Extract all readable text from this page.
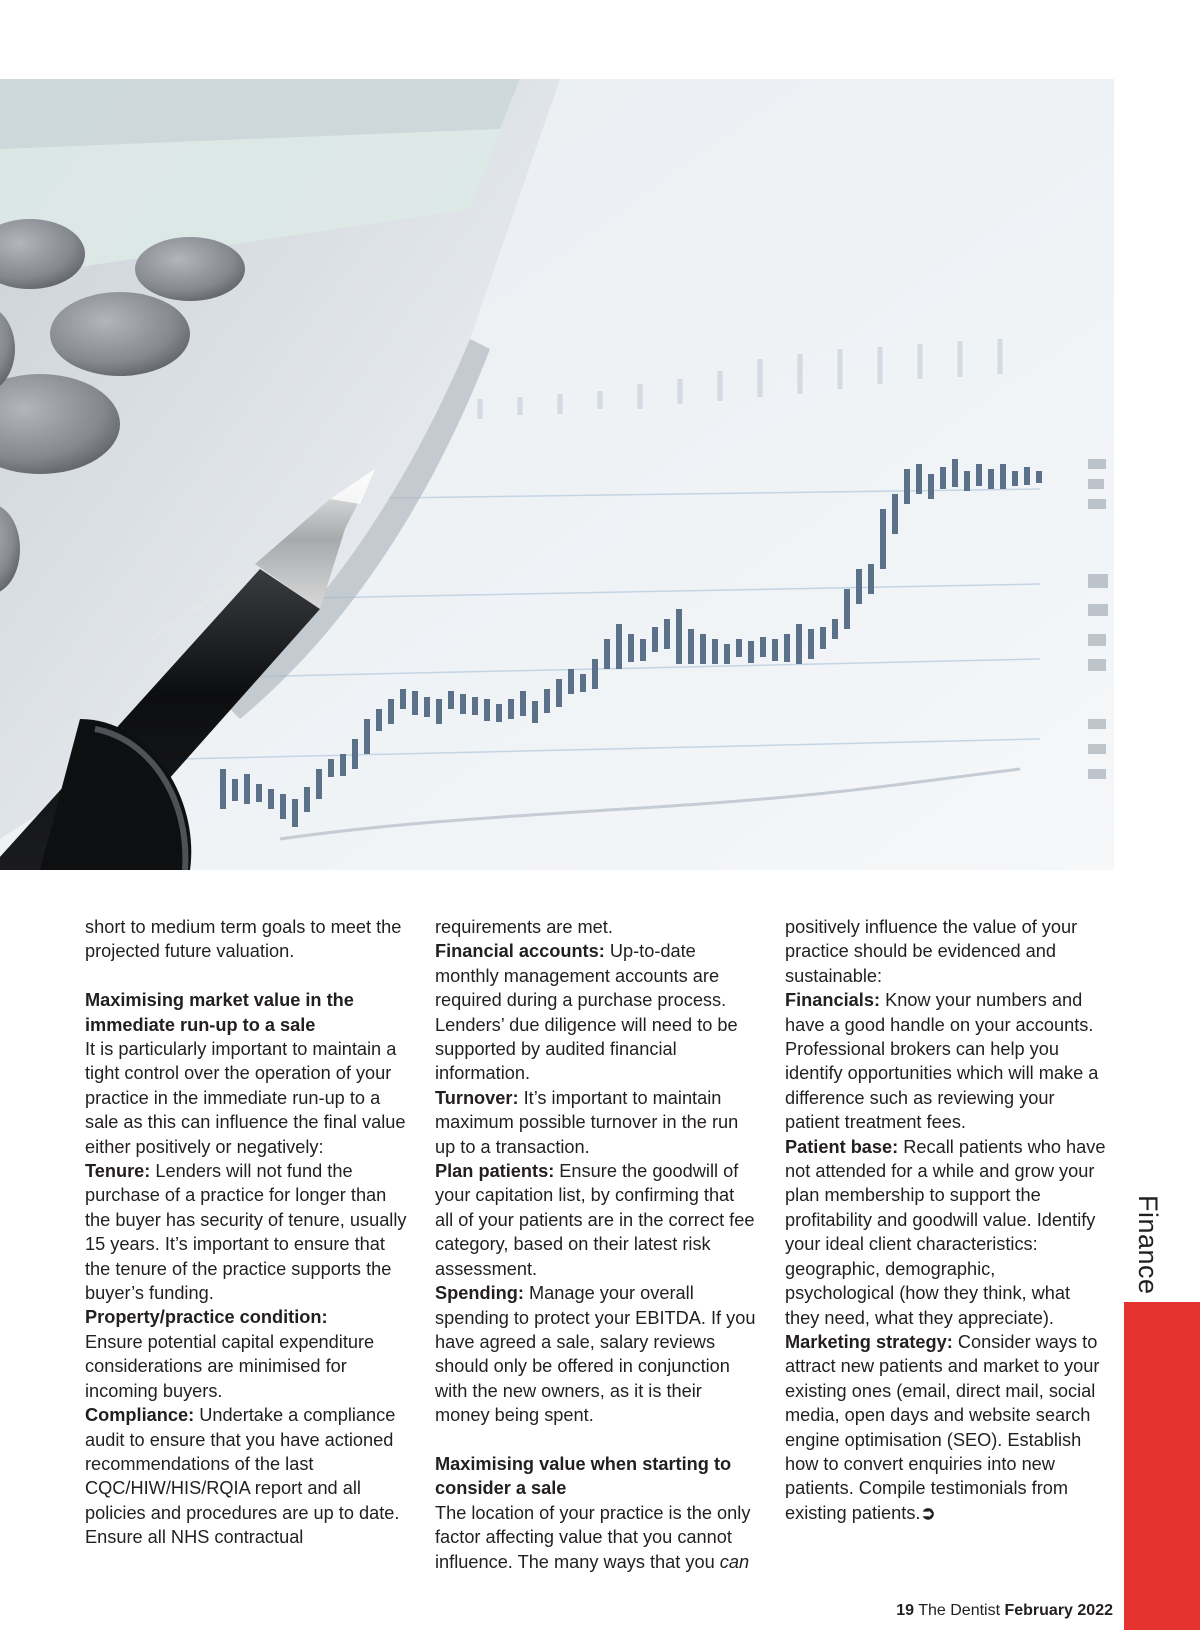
short to medium term goals to meet the projected future valuation.

Maximising market value in the immediate run-up to a sale

It is particularly important to maintain a tight control over the operation of your practice in the immediate run-up to a sale as this can influence the final value either positively or negatively:

Tenure: Lenders will not fund the purchase of a practice for longer than the buyer has security of tenure, usually 15 years. It’s important to ensure that the tenure of the practice supports the buyer’s funding.

Property/practice condition:

Ensure potential capital expenditure considerations are minimised for incoming buyers.

Compliance: Undertake a compliance audit to ensure that you have actioned recommendations of the last CQC/HIW/HIS/RQIA report and all policies and procedures are up to date. Ensure all NHS contractual

requirements are met.

Financial accounts: Up-to-date monthly management accounts are required during a purchase process. Lenders’ due diligence will need to be supported by audited financial information.

Turnover: It’s important to maintain maximum possible turnover in the run up to a transaction.

Plan patients: Ensure the goodwill of your capitation list, by confirming that all of your patients are in the correct fee category, based on their latest risk assessment.

Spending: Manage your overall spending to protect your EBITDA. If you have agreed a sale, salary reviews should only be offered in conjunction with the new owners, as it is their money being spent.

Maximising value when starting to consider a sale

The location of your practice is the only factor affecting value that you cannot influence. The many ways that you can

positively influence the value of your practice should be evidenced and sustainable:

Financials: Know your numbers and have a good handle on your accounts. Professional brokers can help you identify opportunities which will make a difference such as reviewing your patient treatment fees.

Patient base: Recall patients who have not attended for a while and grow your plan membership to support the profitability and goodwill value. Identify your ideal client characteristics: geographic, demographic, psychological (how they think, what they need, what they appreciate).

Marketing strategy: Consider ways to attract new patients and market to your existing ones (email, direct mail, social media, open days and website search engine optimisation (SEO). Establish how to convert enquiries into new patients. Compile testimonials from existing patients.➲

Finance
19 The Dentist February 2022
